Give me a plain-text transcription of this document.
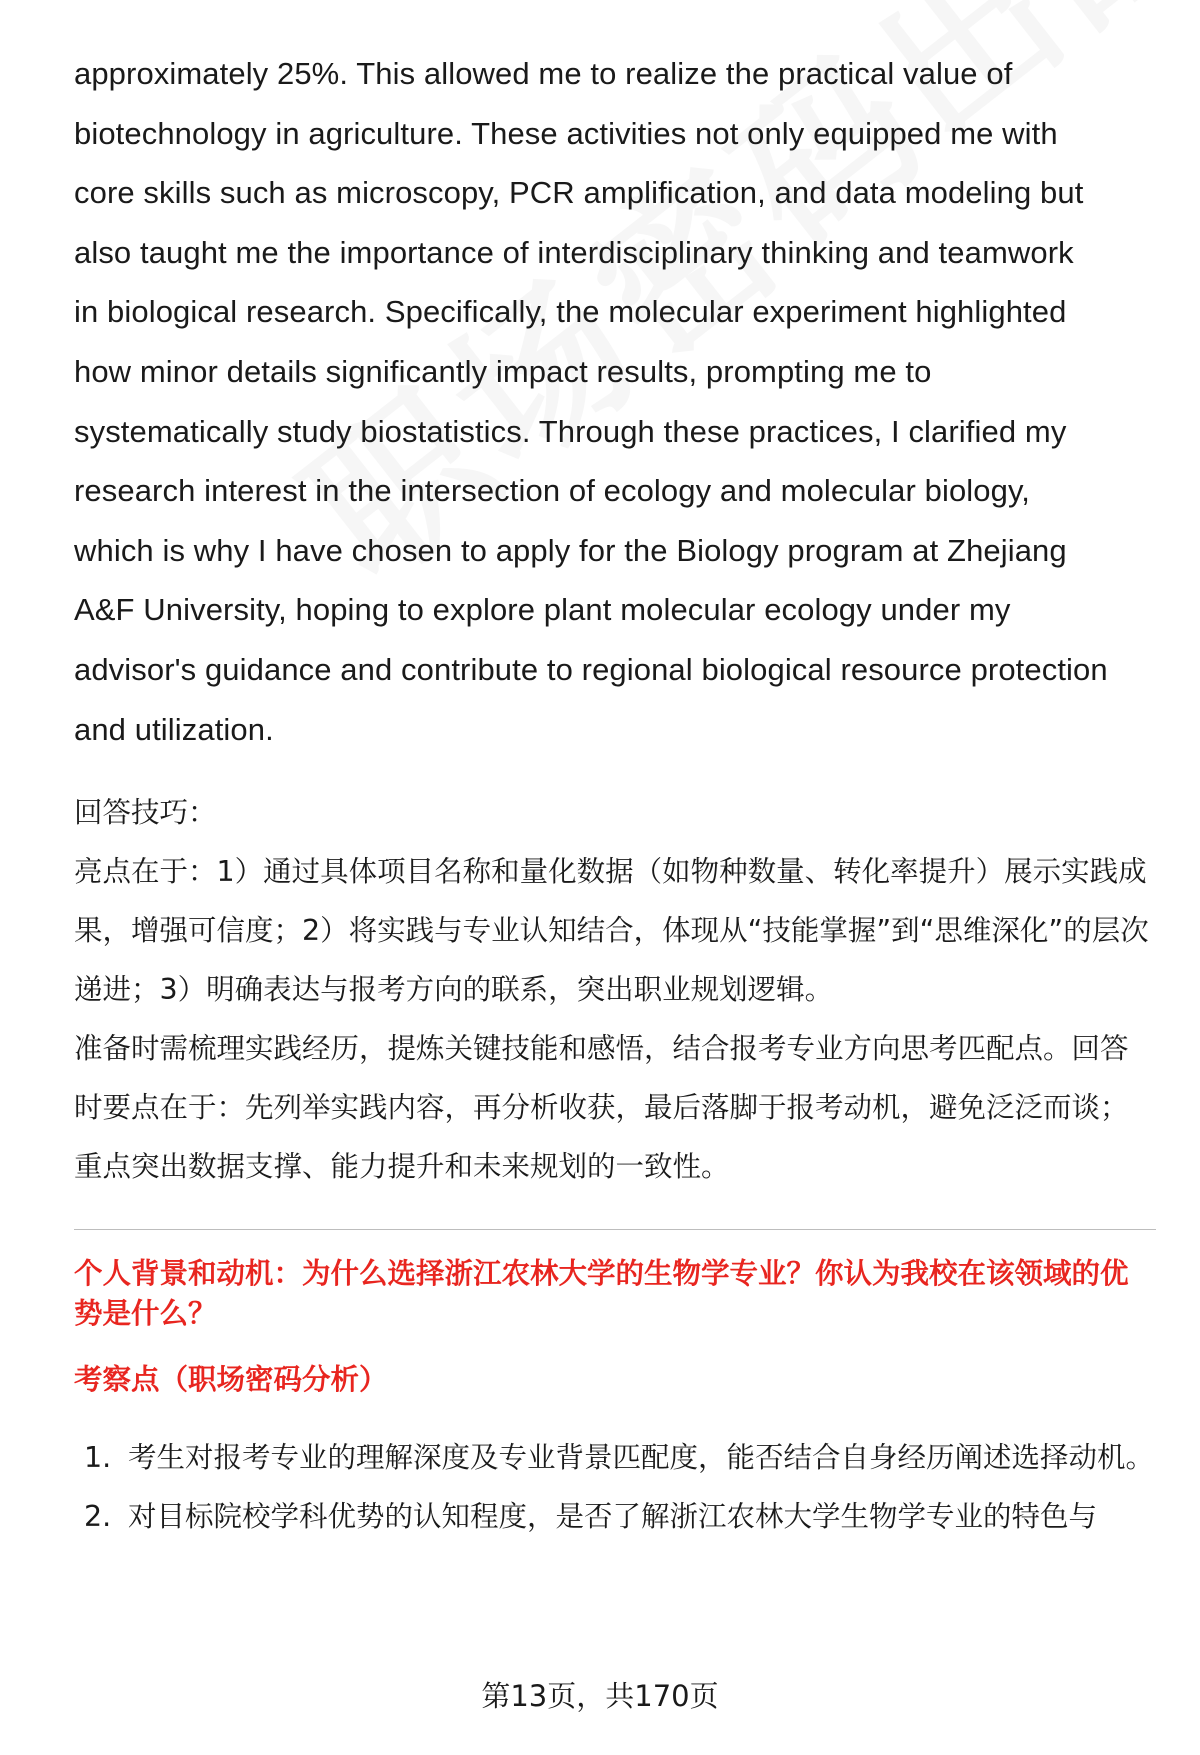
approximately 25%. This allowed me to realize the practical value of

biotechnology in agriculture. These activities not only equipped me with

core skills such as microscopy, PCR amplification, and data modeling but

also taught me the importance of interdisciplinary thinking and teamwork

in biological research. Specifically, the molecular experiment highlighted

how minor details significantly impact results, prompting me to

systematically study biostatistics. Through these practices, I clarified my

research interest in the intersection of ecology and molecular biology,

which is why I have chosen to apply for the Biology program at Zhejiang

A&F University, hoping to explore plant molecular ecology under my

advisor's guidance and contribute to regional biological resource protection

and utilization.

回答技巧：

亮点在于：1）通过具体项目名称和量化数据（如物种数量、转化率提升）展示实践成果，增强可信度；2）将实践与专业认知结合，体现从“技能掌握”到“思维深化”的层次递进；3）明确表达与报考方向的联系，突出职业规划逻辑。

准备时需梳理实践经历，提炼关键技能和感悟，结合报考专业方向思考匹配点。回答时要点在于：先列举实践内容，再分析收获，最后落脚于报考动机，避免泛泛而谈；重点突出数据支撑、能力提升和未来规划的一致性。

个人背景和动机：为什么选择浙江农林大学的生物学专业？你认为我校在该领域的优势是什么？

考察点（职场密码分析）

1. 考生对报考专业的理解深度及专业背景匹配度，能否结合自身经历阐述选择动机。
2. 对目标院校学科优势的认知程度，是否了解浙江农林大学生物学专业的特色与
第13页，共170页
